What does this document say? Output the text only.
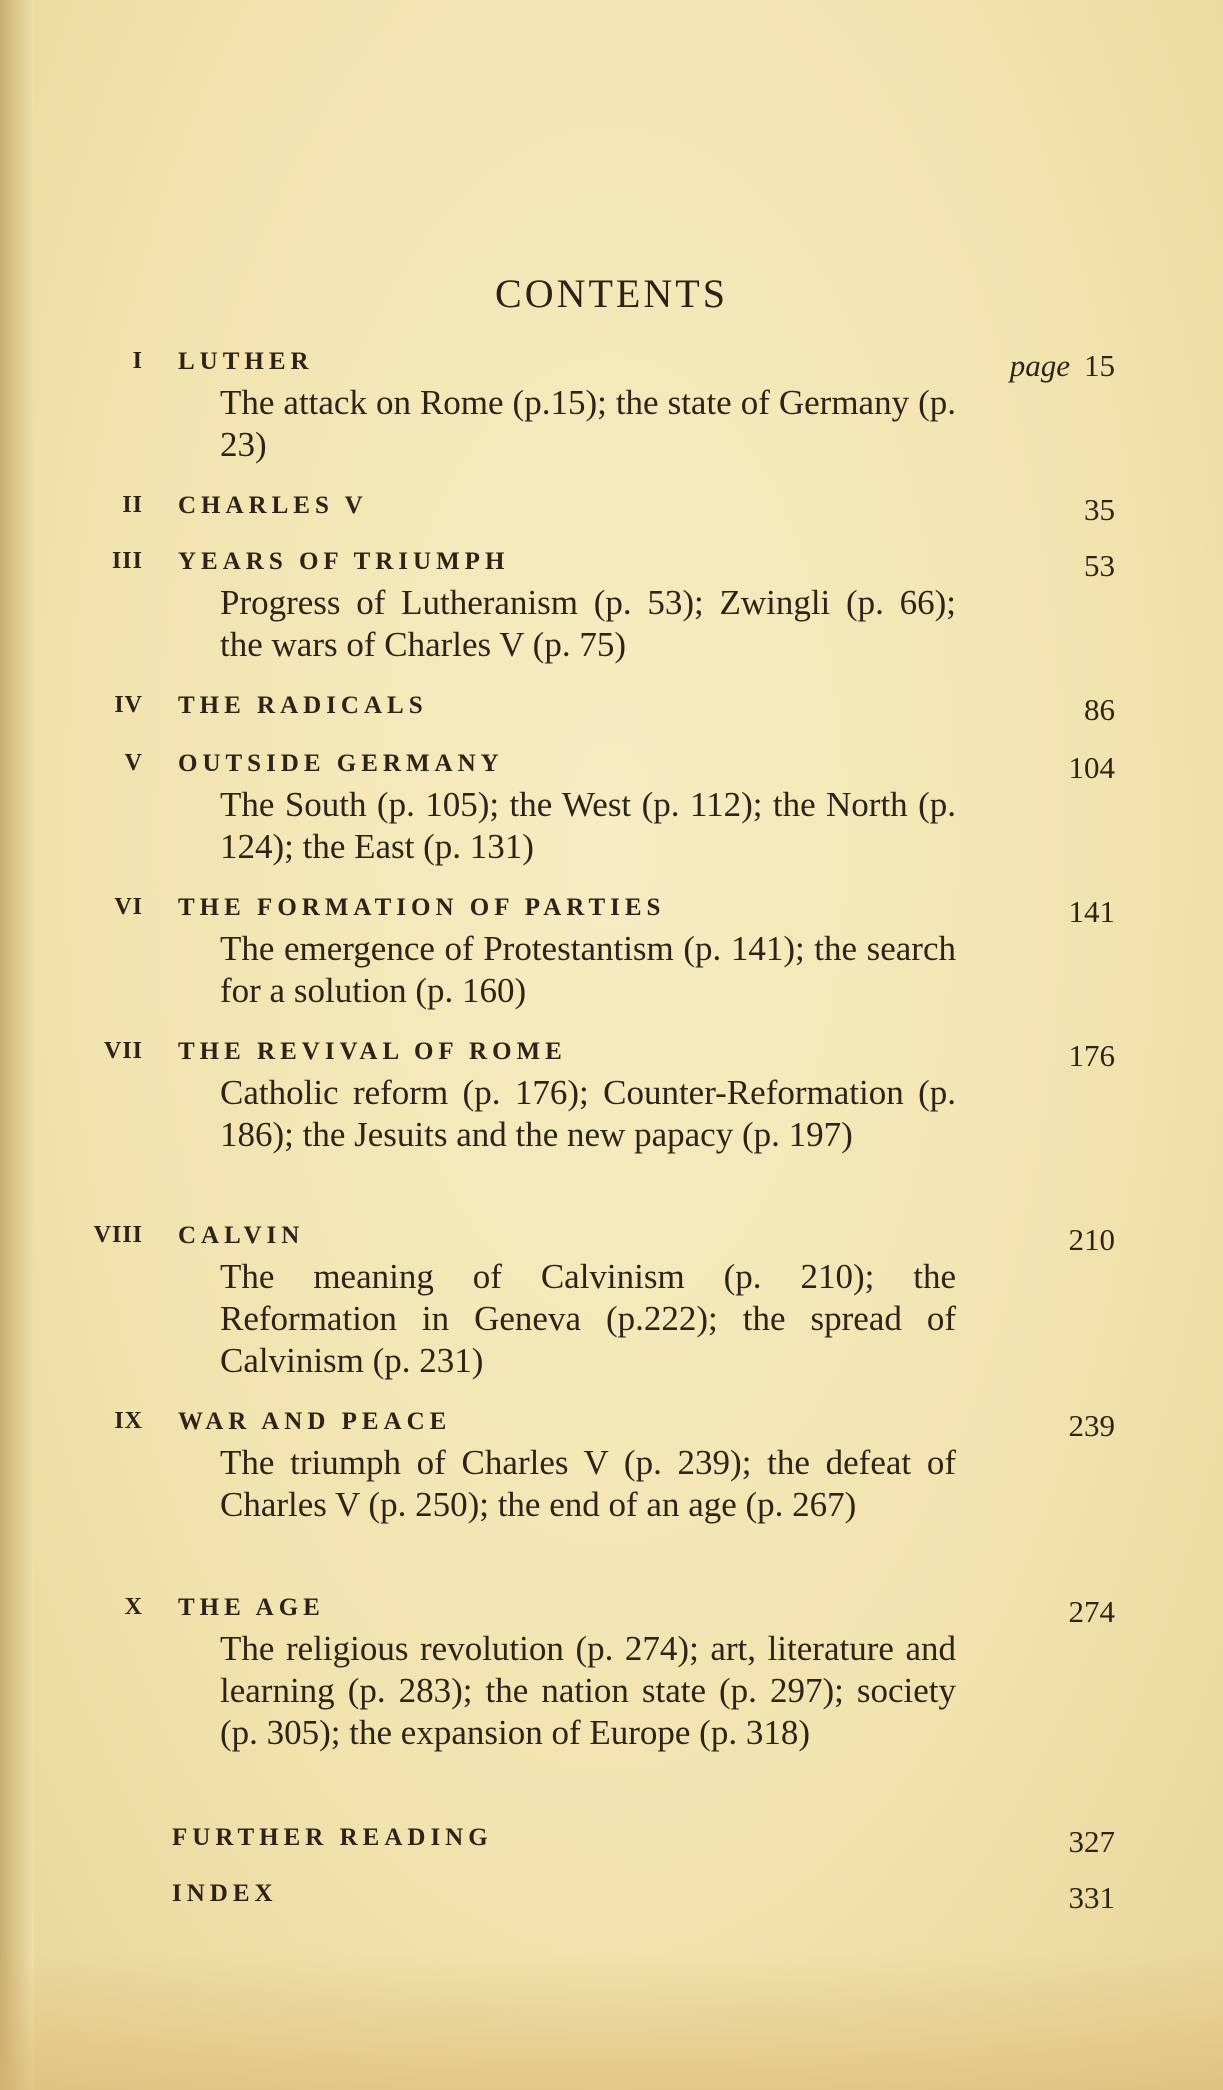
CONTENTS
I LUTHER	page 15
The attack on Rome (p.15); the state of Germany (p. 23)
II CHARLES V	35
III YEARS OF TRIUMPH	53
Progress of Lutheranism (p. 53); Zwingli (p. 66); the wars of Charles V (p. 75)
IV THE RADICALS	86
V OUTSIDE GERMANY	104
The South (p. 105); the West (p. 112); the North (p. 124); the East (p. 131)
VI THE FORMATION OF PARTIES	141
The emergence of Protestantism (p. 141); the search for a solution (p. 160)
VII THE REVIVAL OF ROME	176
Catholic reform (p. 176); Counter-Reformation (p. 186); the Jesuits and the new papacy (p. 197)
VIII CALVIN	210
The meaning of Calvinism (p. 210); the Reformation in Geneva (p.222); the spread of Calvinism (p. 231)
IX WAR AND PEACE	239
The triumph of Charles V (p. 239); the defeat of Charles V (p. 250); the end of an age (p. 267)
X THE AGE	274
The religious revolution (p. 274); art, literature and learning (p. 283); the nation state (p. 297); society (p. 305); the expansion of Europe (p. 318)
FURTHER READING	327
INDEX	331
